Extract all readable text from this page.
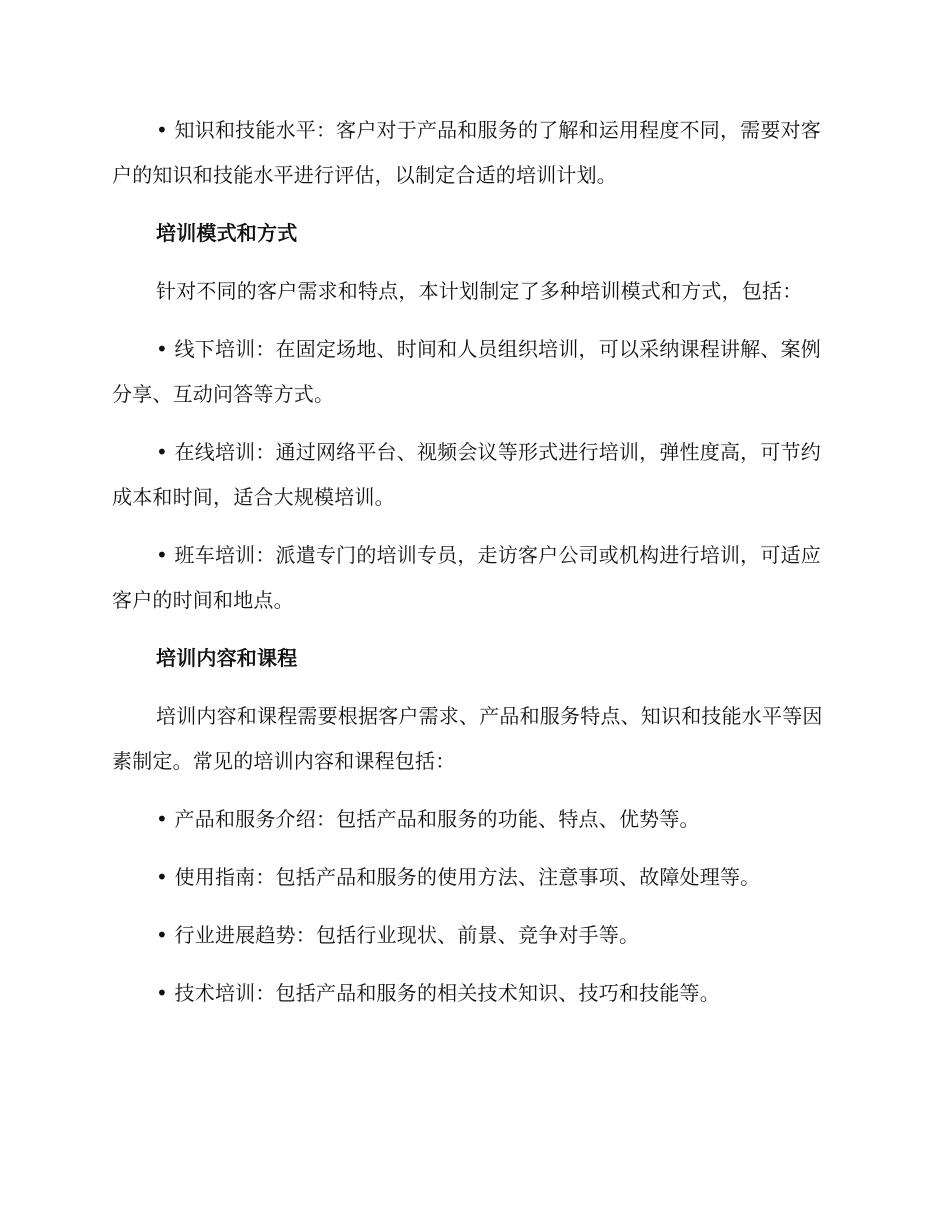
• 知识和技能水平：客户对于产品和服务的了解和运用程度不同，需要对客户的知识和技能水平进行评估，以制定合适的培训计划。

培训模式和方式

针对不同的客户需求和特点，本计划制定了多种培训模式和方式，包括：

• 线下培训：在固定场地、时间和人员组织培训，可以采纳课程讲解、案例分享、互动问答等方式。

• 在线培训：通过网络平台、视频会议等形式进行培训，弹性度高，可节约成本和时间，适合大规模培训。

• 班车培训：派遣专门的培训专员，走访客户公司或机构进行培训，可适应客户的时间和地点。

培训内容和课程

培训内容和课程需要根据客户需求、产品和服务特点、知识和技能水平等因素制定。常见的培训内容和课程包括：

• 产品和服务介绍：包括产品和服务的功能、特点、优势等。

• 使用指南：包括产品和服务的使用方法、注意事项、故障处理等。

• 行业进展趋势：包括行业现状、前景、竞争对手等。

• 技术培训：包括产品和服务的相关技术知识、技巧和技能等。
